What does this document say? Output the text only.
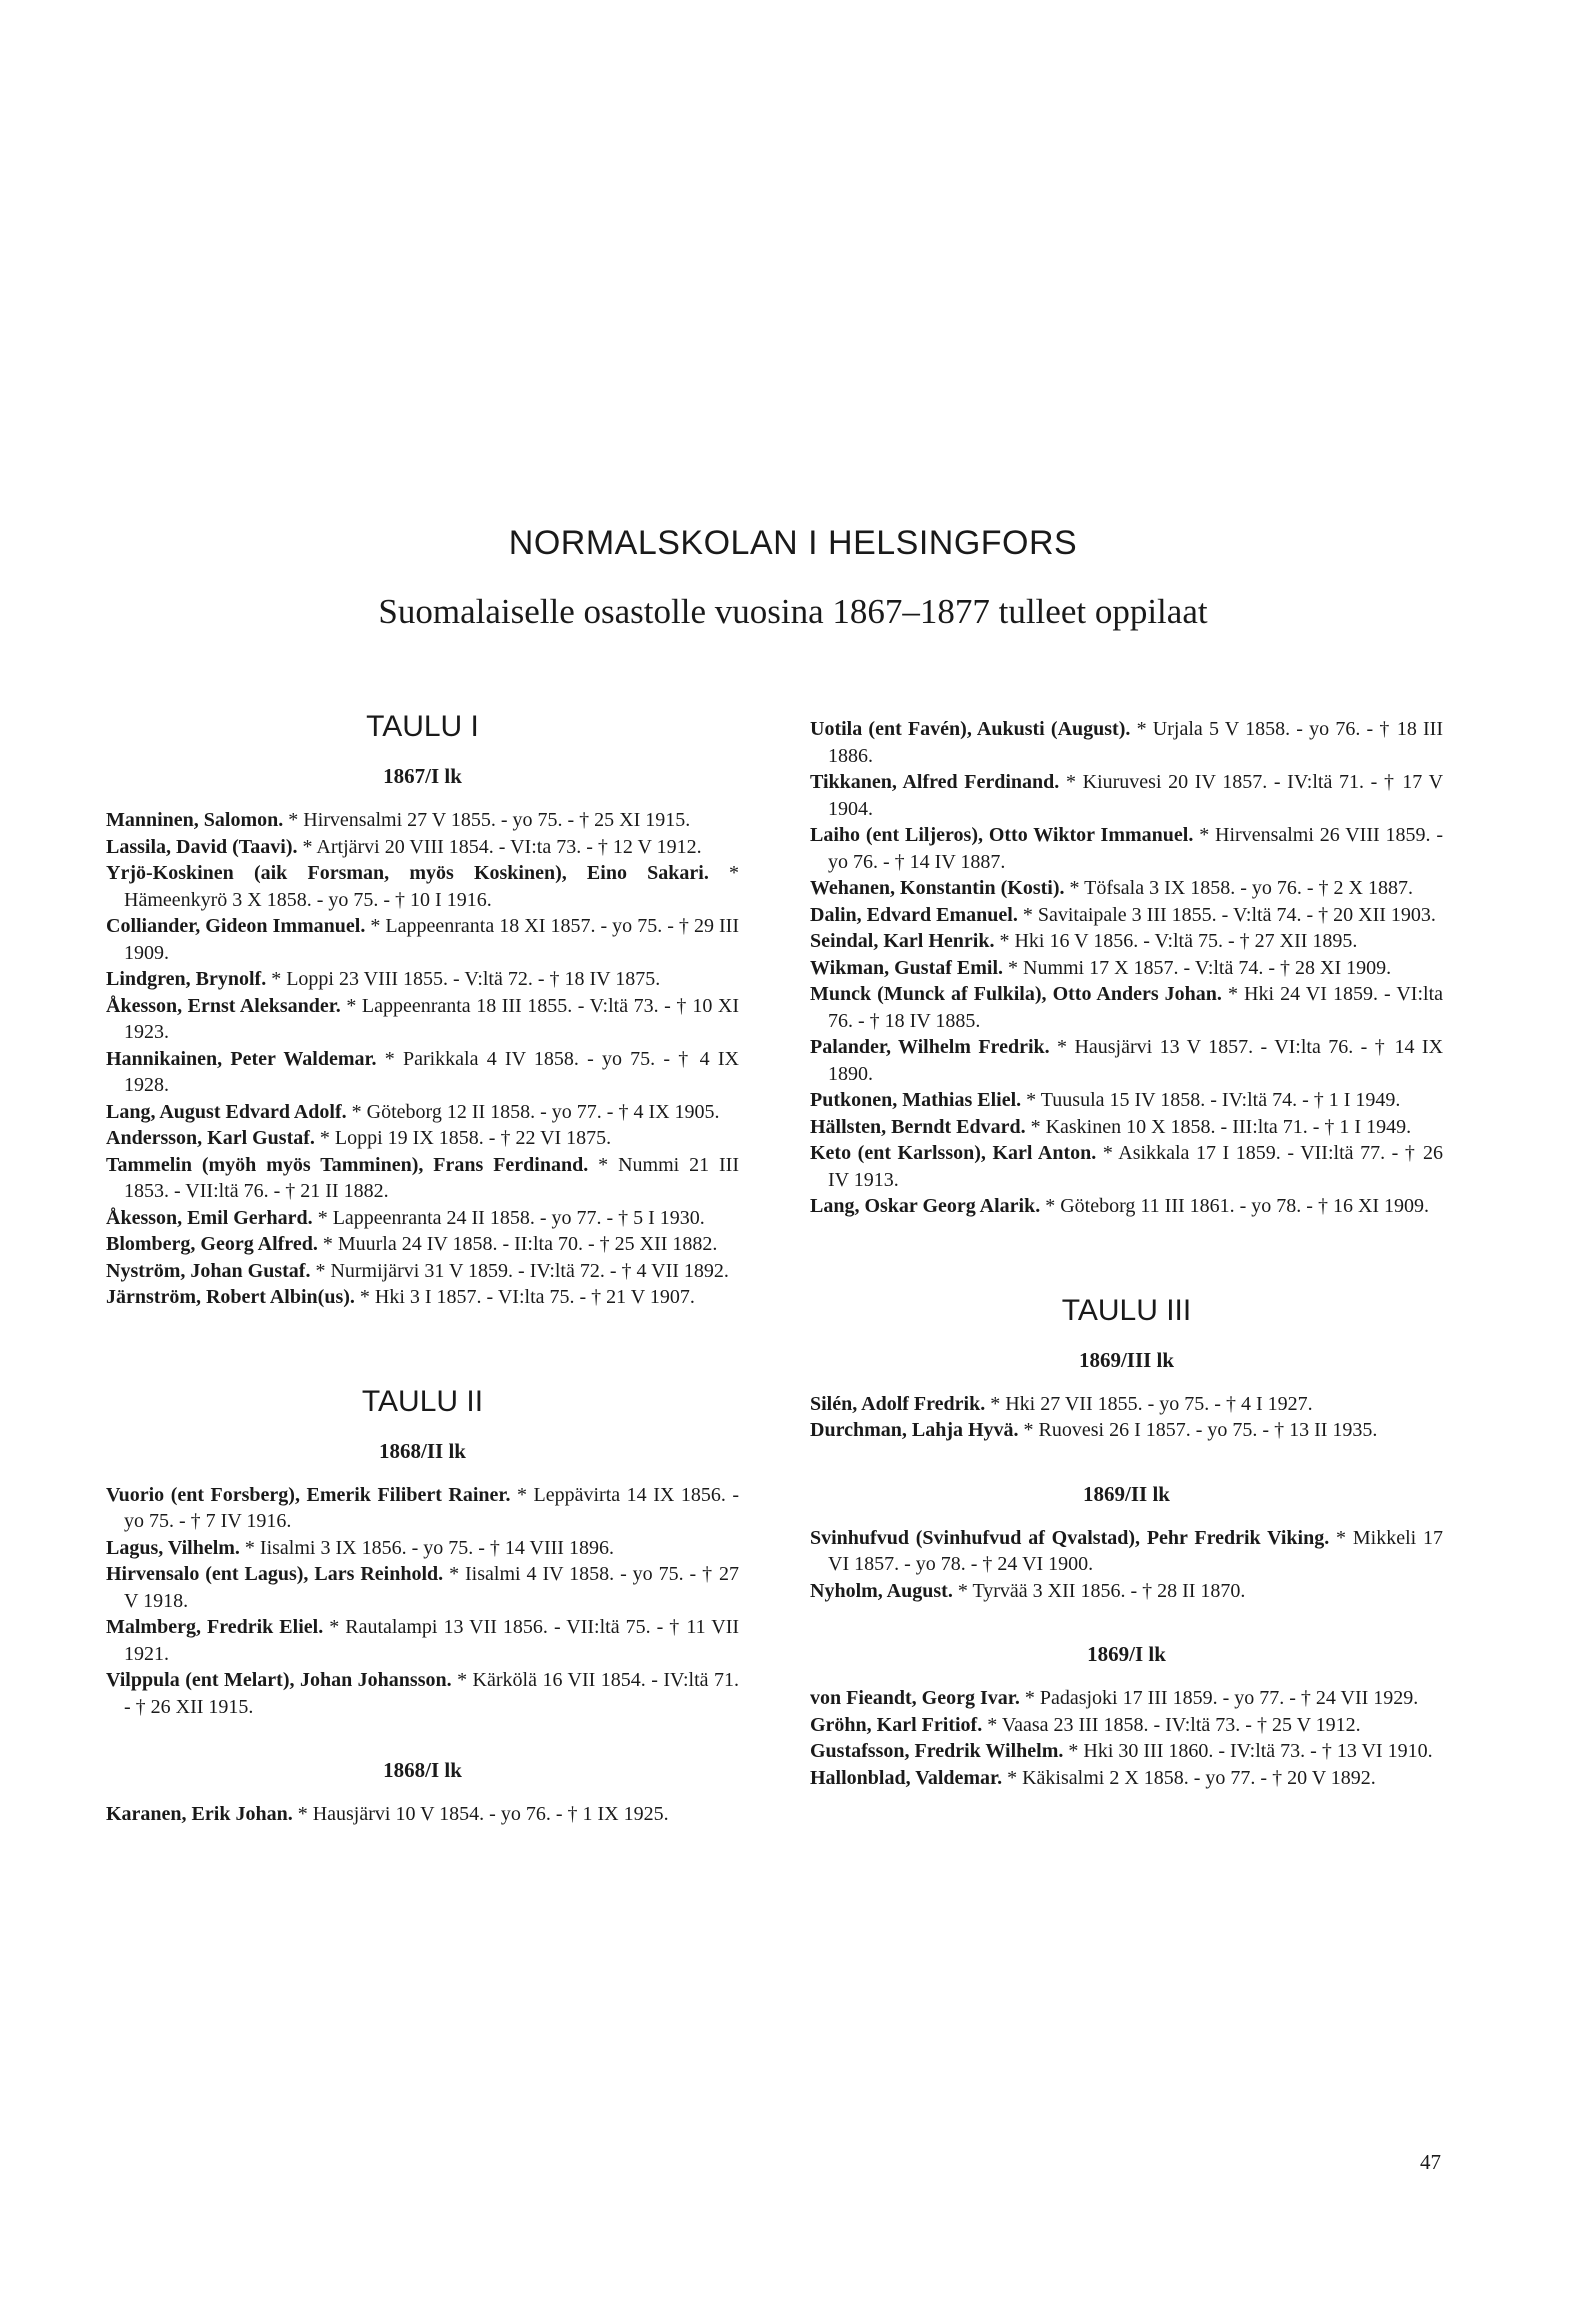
NORMALSKOLAN I HELSINGFORS
Suomalaiselle osastolle vuosina 1867–1877 tulleet oppilaat
TAULU I
1867/I lk

Manninen, Salomon. * Hirvensalmi 27 V 1855. - yo 75. - † 25 XI 1915.

Lassila, David (Taavi). * Artjärvi 20 VIII 1854. - VI:ta 73. - † 12 V 1912.

Yrjö-Koskinen (aik Forsman, myös Koskinen), Eino Sakari. * Hämeenkyrö 3 X 1858. - yo 75. - † 10 I 1916.

Colliander, Gideon Immanuel. * Lappeenranta 18 XI 1857. - yo 75. - † 29 III 1909.

Lindgren, Brynolf. * Loppi 23 VIII 1855. - V:ltä 72. - † 18 IV 1875.

Åkesson, Ernst Aleksander. * Lappeenranta 18 III 1855. - V:ltä 73. - † 10 XI 1923.

Hannikainen, Peter Waldemar. * Parikkala 4 IV 1858. - yo 75. - † 4 IX 1928.

Lang, August Edvard Adolf. * Göteborg 12 II 1858. - yo 77. - † 4 IX 1905.

Andersson, Karl Gustaf. * Loppi 19 IX 1858. - † 22 VI 1875.

Tammelin (myöh myös Tamminen), Frans Ferdinand. * Nummi 21 III 1853. - VII:ltä 76. - † 21 II 1882.

Åkesson, Emil Gerhard. * Lappeenranta 24 II 1858. - yo 77. - † 5 I 1930.

Blomberg, Georg Alfred. * Muurla 24 IV 1858. - II:lta 70. - † 25 XII 1882.

Nyström, Johan Gustaf. * Nurmijärvi 31 V 1859. - IV:ltä 72. - † 4 VII 1892.

Järnström, Robert Albin(us). * Hki 3 I 1857. - VI:lta 75. - † 21 V 1907.

TAULU II
1868/II lk

Vuorio (ent Forsberg), Emerik Filibert Rainer. * Leppävirta 14 IX 1856. - yo 75. - † 7 IV 1916.

Lagus, Vilhelm. * Iisalmi 3 IX 1856. - yo 75. - † 14 VIII 1896.

Hirvensalo (ent Lagus), Lars Reinhold. * Iisalmi 4 IV 1858. - yo 75. - † 27 V 1918.

Malmberg, Fredrik Eliel. * Rautalampi 13 VII 1856. - VII:ltä 75. - † 11 VII 1921.

Vilppula (ent Melart), Johan Johansson. * Kärkölä 16 VII 1854. - IV:ltä 71. - † 26 XII 1915.

1868/I lk

Karanen, Erik Johan. * Hausjärvi 10 V 1854. - yo 76. - † 1 IX 1925.

Uotila (ent Favén), Aukusti (August). * Urjala 5 V 1858. - yo 76. - † 18 III 1886.

Tikkanen, Alfred Ferdinand. * Kiuruvesi 20 IV 1857. - IV:ltä 71. - † 17 V 1904.

Laiho (ent Liljeros), Otto Wiktor Immanuel. * Hirvensalmi 26 VIII 1859. - yo 76. - † 14 IV 1887.

Wehanen, Konstantin (Kosti). * Töfsala 3 IX 1858. - yo 76. - † 2 X 1887.

Dalin, Edvard Emanuel. * Savitaipale 3 III 1855. - V:ltä 74. - † 20 XII 1903.

Seindal, Karl Henrik. * Hki 16 V 1856. - V:ltä 75. - † 27 XII 1895.

Wikman, Gustaf Emil. * Nummi 17 X 1857. - V:ltä 74. - † 28 XI 1909.

Munck (Munck af Fulkila), Otto Anders Johan. * Hki 24 VI 1859. - VI:lta 76. - † 18 IV 1885.

Palander, Wilhelm Fredrik. * Hausjärvi 13 V 1857. - VI:lta 76. - † 14 IX 1890.

Putkonen, Mathias Eliel. * Tuusula 15 IV 1858. - IV:ltä 74. - † 1 I 1949.

Hällsten, Berndt Edvard. * Kaskinen 10 X 1858. - III:lta 71. - † 1 I 1949.

Keto (ent Karlsson), Karl Anton. * Asikkala 17 I 1859. - VII:ltä 77. - † 26 IV 1913.

Lang, Oskar Georg Alarik. * Göteborg 11 III 1861. - yo 78. - † 16 XI 1909.

TAULU III
1869/III lk

Silén, Adolf Fredrik. * Hki 27 VII 1855. - yo 75. - † 4 I 1927.

Durchman, Lahja Hyvä. * Ruovesi 26 I 1857. - yo 75. - † 13 II 1935.

1869/II lk

Svinhufvud (Svinhufvud af Qvalstad), Pehr Fredrik Viking. * Mikkeli 17 VI 1857. - yo 78. - † 24 VI 1900.

Nyholm, August. * Tyrvää 3 XII 1856. - † 28 II 1870.

1869/I lk

von Fieandt, Georg Ivar. * Padasjoki 17 III 1859. - yo 77. - † 24 VII 1929.

Gröhn, Karl Fritiof. * Vaasa 23 III 1858. - IV:ltä 73. - † 25 V 1912.

Gustafsson, Fredrik Wilhelm. * Hki 30 III 1860. - IV:ltä 73. - † 13 VI 1910.

Hallonblad, Valdemar. * Käkisalmi 2 X 1858. - yo 77. - † 20 V 1892.

47
